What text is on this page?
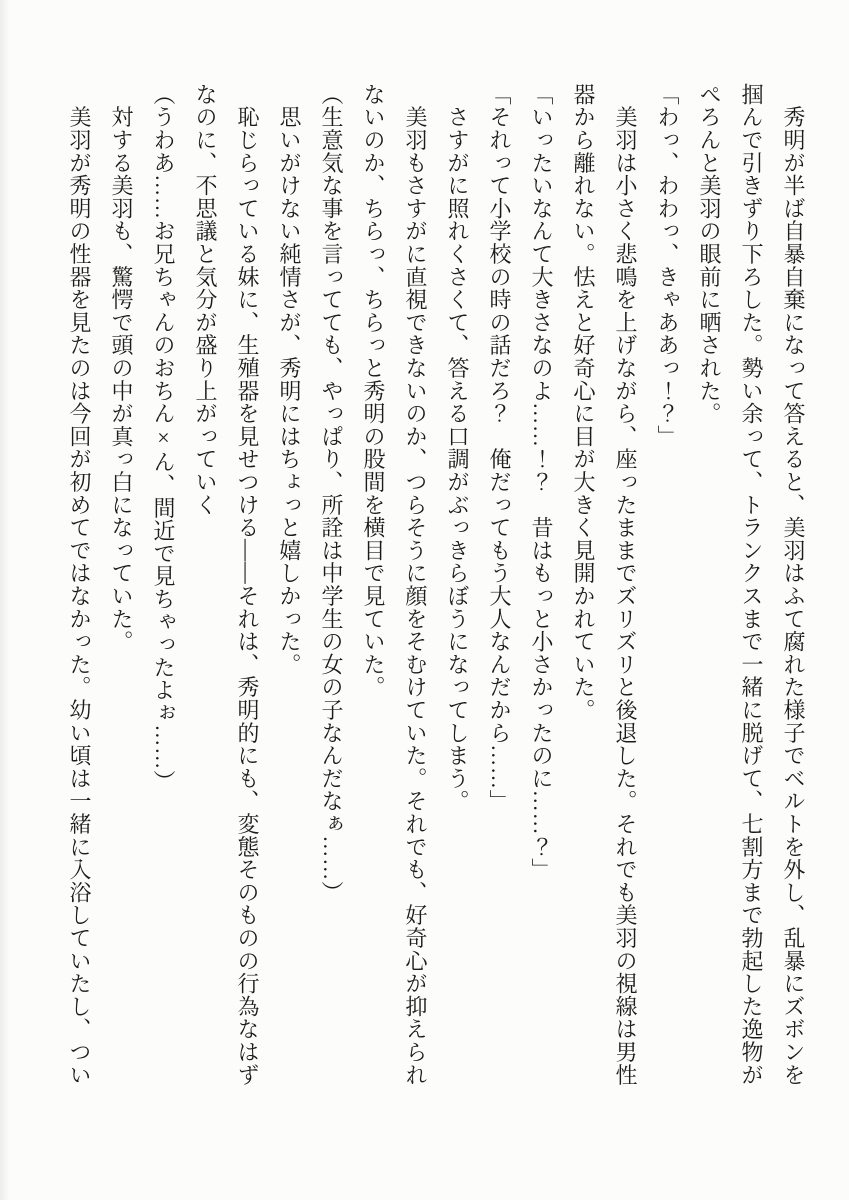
　秀明が半ば自暴自棄になって答えると、美羽はふて腐れた様子でベルトを外し、乱暴にズボンを

掴んで引きずり下ろした。勢い余って、トランクスまで一緒に脱げて、七割方まで勃起した逸物が

ぺろんと美羽の眼前に晒された。

「わっ、わわっ、きゃああっ！？」

　美羽は小さく悲鳴を上げながら、座ったままでズリズリと後退した。それでも美羽の視線は男性

器から離れない。怯えと好奇心に目が大きく見開かれていた。

「いったいなんて大きさなのよ……！？　昔はもっと小さかったのに……？」

「それって小学校の時の話だろ？　俺だってもう大人なんだから……」

　さすがに照れくさくて、答える口調がぶっきらぼうになってしまう。

　美羽もさすがに直視できないのか、つらそうに顔をそむけていた。それでも、好奇心が抑えられ

ないのか、ちらっ、ちらっと秀明の股間を横目で見ていた。

（生意気な事を言ってても、やっぱり、所詮は中学生の女の子なんだなぁ……）

　思いがけない純情さが、秀明にはちょっと嬉しかった。

　恥じらっている妹に、生殖器を見せつける――それは、秀明的にも、変態そのものの行為なはず

なのに、不思議と気分が盛り上がっていく

（うわあ……お兄ちゃんのおちん×ん、間近で見ちゃったよぉ……）

　対する美羽も、驚愕で頭の中が真っ白になっていた。

　美羽が秀明の性器を見たのは今回が初めてではなかった。幼い頃は一緒に入浴していたし、つい
